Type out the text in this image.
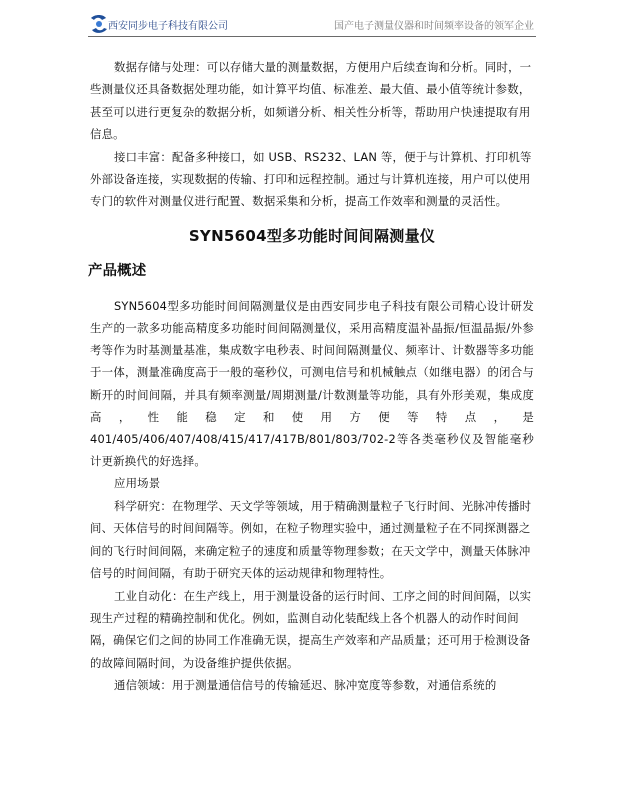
西安同步电子科技有限公司	国产电子测量仪器和时间频率设备的领军企业

数据存储与处理：可以存储大量的测量数据，方便用户后续查询和分析。同时，一些测量仪还具备数据处理功能，如计算平均值、标准差、最大值、最小值等统计参数，甚至可以进行更复杂的数据分析，如频谱分析、相关性分析等，帮助用户快速提取有用信息。

接口丰富：配备多种接口，如 USB、RS232、LAN 等，便于与计算机、打印机等外部设备连接，实现数据的传输、打印和远程控制。通过与计算机连接，用户可以使用专门的软件对测量仪进行配置、数据采集和分析，提高工作效率和测量的灵活性。

SYN5604型多功能时间间隔测量仪
产品概述

SYN5604型多功能时间间隔测量仪是由西安同步电子科技有限公司精心设计研发生产的一款多功能高精度多功能时间间隔测量仪，采用高精度温补晶振/恒温晶振/外参考等作为时基测量基准，集成数字电秒表、时间间隔测量仪、频率计、计数器等多功能于一体，测量准确度高于一般的毫秒仪，可测电信号和机械触点（如继电器）的闭合与断开的时间间隔，并具有频率测量/周期测量/计数测量等功能，具有外形美观，集成度高，性能稳定和使用方便等特点，是401/405/406/407/408/415/417/417B/801/803/702-2等各类毫秒仪及智能毫秒计更新换代的好选择。

应用场景

科学研究：在物理学、天文学等领域，用于精确测量粒子飞行时间、光脉冲传播时间、天体信号的时间间隔等。例如，在粒子物理实验中，通过测量粒子在不同探测器之间的飞行时间间隔，来确定粒子的速度和质量等物理参数；在天文学中，测量天体脉冲信号的时间间隔，有助于研究天体的运动规律和物理特性。

工业自动化：在生产线上，用于测量设备的运行时间、工序之间的时间间隔，以实现生产过程的精确控制和优化。例如，监测自动化装配线上各个机器人的动作时间间隔，确保它们之间的协同工作准确无误，提高生产效率和产品质量；还可用于检测设备的故障间隔时间，为设备维护提供依据。

通信领域：用于测量通信信号的传输延迟、脉冲宽度等参数，对通信系统的
